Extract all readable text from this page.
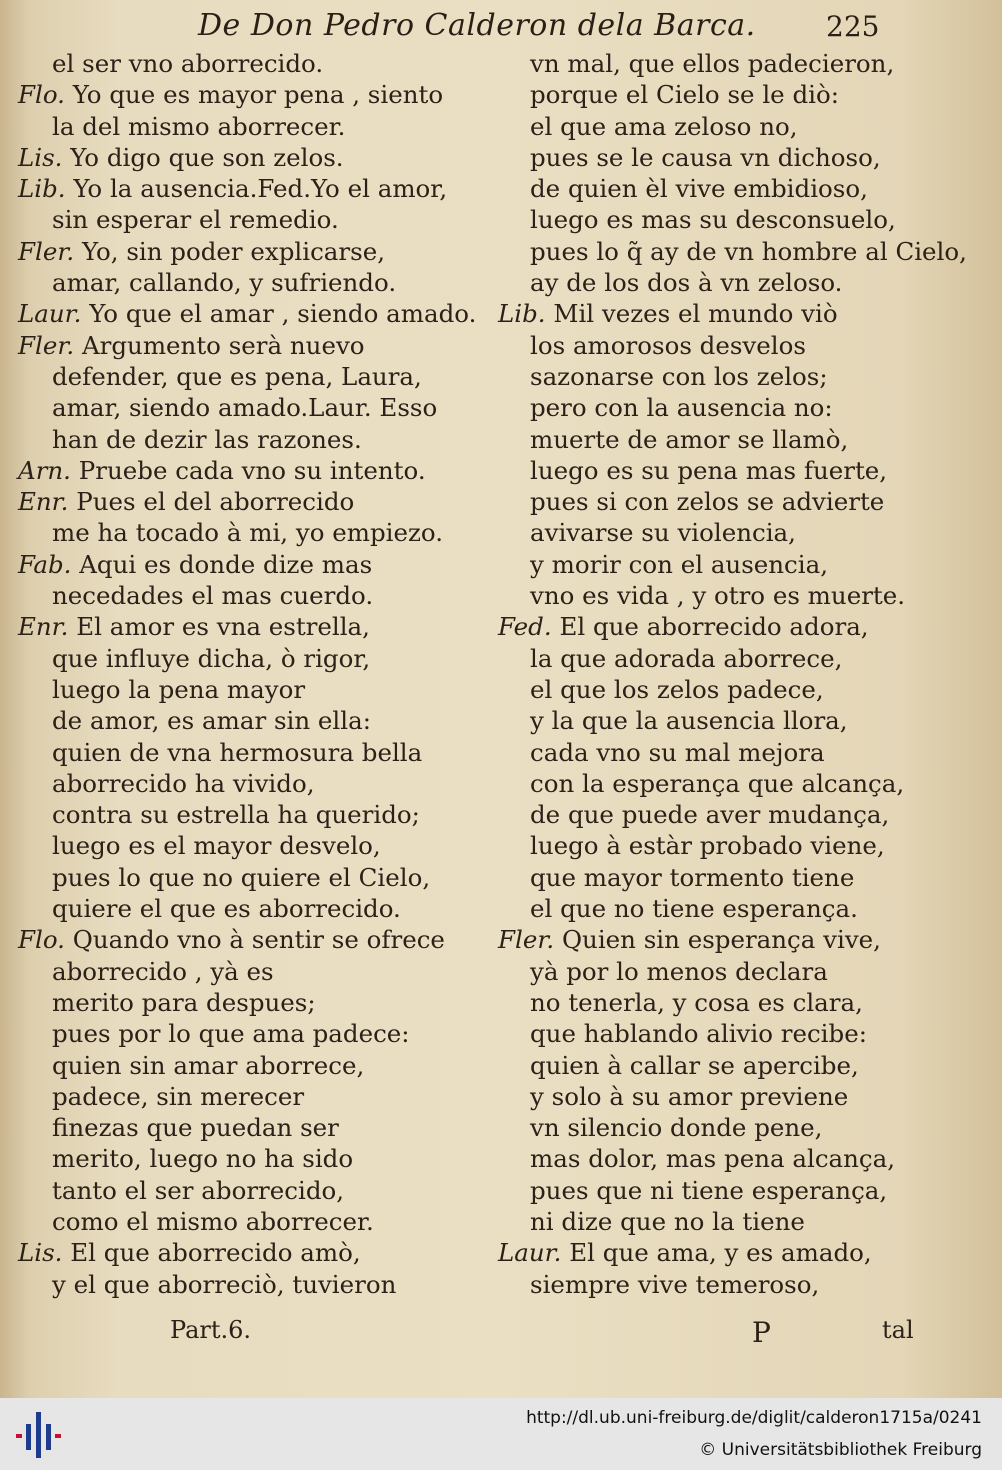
De Don Pedro Calderon dela Barca.	225
el ser vno aborrecido.
Flo. Yo que es mayor pena , siento
la del mismo aborrecer.
Lis. Yo digo que son zelos.
Lib. Yo la ausencia.Fed.Yo el amor,
sin esperar el remedio.
Fler. Yo, sin poder explicarse,
amar, callando, y sufriendo.
Laur. Yo que el amar , siendo amado.
Fler. Argumento serà nuevo
defender, que es pena, Laura,
amar, siendo amado.Laur. Esso
han de dezir las razones.
Arn. Pruebe cada vno su intento.
Enr. Pues el del aborrecido
me ha tocado à mi, yo empiezo.
Fab. Aqui es donde dize mas
necedades el mas cuerdo.
Enr. El amor es vna estrella,
que influye dicha, ò rigor,
luego la pena mayor
de amor, es amar sin ella:
quien de vna hermosura bella
aborrecido ha vivido,
contra su estrella ha querido;
luego es el mayor desvelo,
pues lo que no quiere el Cielo,
quiere el que es aborrecido.
Flo. Quando vno à sentir se ofrece
aborrecido , yà es
merito para despues;
pues por lo que ama padece:
quien sin amar aborrece,
padece, sin merecer
finezas que puedan ser
merito, luego no ha sido
tanto el ser aborrecido,
como el mismo aborrecer.
Lis. El que aborrecido amò,
y el que aborreciò, tuvieron
vn mal, que ellos padecieron,
porque el Cielo se le diò:
el que ama zeloso no,
pues se le causa vn dichoso,
de quien èl vive embidioso,
luego es mas su desconsuelo,
pues lo q̃ ay de vn hombre al Cielo,
ay de los dos à vn zeloso.
Lib. Mil vezes el mundo viò
los amorosos desvelos
sazonarse con los zelos;
pero con la ausencia no:
muerte de amor se llamò,
luego es su pena mas fuerte,
pues si con zelos se advierte
avivarse su violencia,
y morir con el ausencia,
vno es vida , y otro es muerte.
Fed. El que aborrecido adora,
la que adorada aborrece,
el que los zelos padece,
y la que la ausencia llora,
cada vno su mal mejora
con la esperança que alcança,
de que puede aver mudança,
luego à estàr probado viene,
que mayor tormento tiene
el que no tiene esperança.
Fler. Quien sin esperança vive,
yà por lo menos declara
no tenerla, y cosa es clara,
que hablando alivio recibe:
quien à callar se apercibe,
y solo à su amor previene
vn silencio donde pene,
mas dolor, mas pena alcança,
pues que ni tiene esperança,
ni dize que no la tiene
Laur. El que ama, y es amado,
siempre vive temeroso,
Part.6.	P	tal
http://dl.ub.uni-freiburg.de/diglit/calderon1715a/0241
© Universitätsbibliothek Freiburg
